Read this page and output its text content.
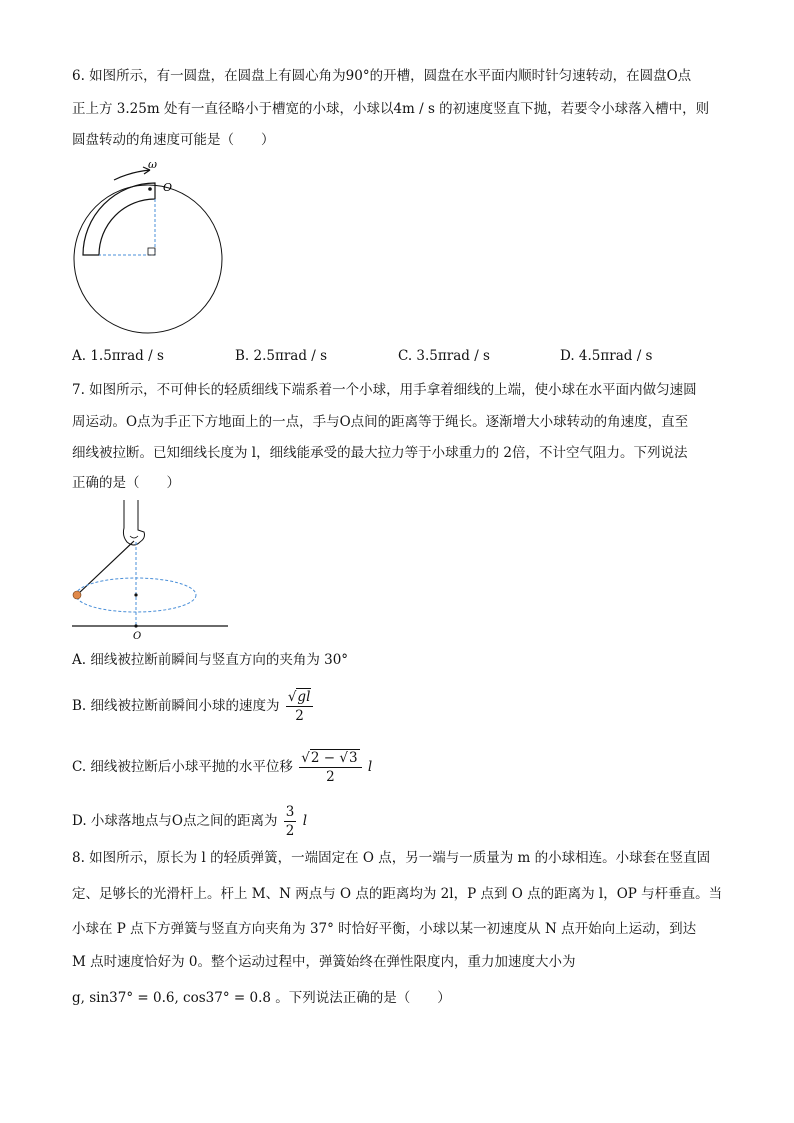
6. 如图所示，有一圆盘，在圆盘上有圆心角为90°的开槽，圆盘在水平面内顺时针匀速转动，在圆盘O点
正上方 3.25m 处有一直径略小于槽宽的小球，小球以4m / s 的初速度竖直下抛，若要令小球落入槽中，则
圆盘转动的角速度可能是（　　）
ω
O
A. 1.5πrad / s	B. 2.5πrad / s	C. 3.5πrad / s	D. 4.5πrad / s
7. 如图所示，不可伸长的轻质细线下端系着一个小球，用手拿着细线的上端，使小球在水平面内做匀速圆
周运动。O点为手正下方地面上的一点，手与O点间的距离等于绳长。逐渐增大小球转动的角速度，直至
细线被拉断。已知细线长度为 l，细线能承受的最大拉力等于小球重力的 2倍，不计空气阻力。下列说法
正确的是（　　）
O
A. 细线被拉断前瞬间与竖直方向的夹角为 30°
B. 细线被拉断前瞬间小球的速度为 $\frac{√gl}{2}$
C. 细线被拉断后小球平抛的水平位移 $\frac{√2 - √3}{2}$ l
D. 小球落地点与O点之间的距离为 $\frac{3}{2}$ l
8. 如图所示，原长为 l 的轻质弹簧，一端固定在 O 点，另一端与一质量为 m 的小球相连。小球套在竖直固
定、足够长的光滑杆上。杆上 M、N 两点与 O 点的距离均为 2l，P 点到 O 点的距离为 l，OP 与杆垂直。当
小球在 P 点下方弹簧与竖直方向夹角为 37° 时恰好平衡，小球以某一初速度从 N 点开始向上运动，到达
M 点时速度恰好为 0。整个运动过程中，弹簧始终在弹性限度内，重力加速度大小为
g, sin37° = 0.6, cos37° = 0.8 。下列说法正确的是（　　）
